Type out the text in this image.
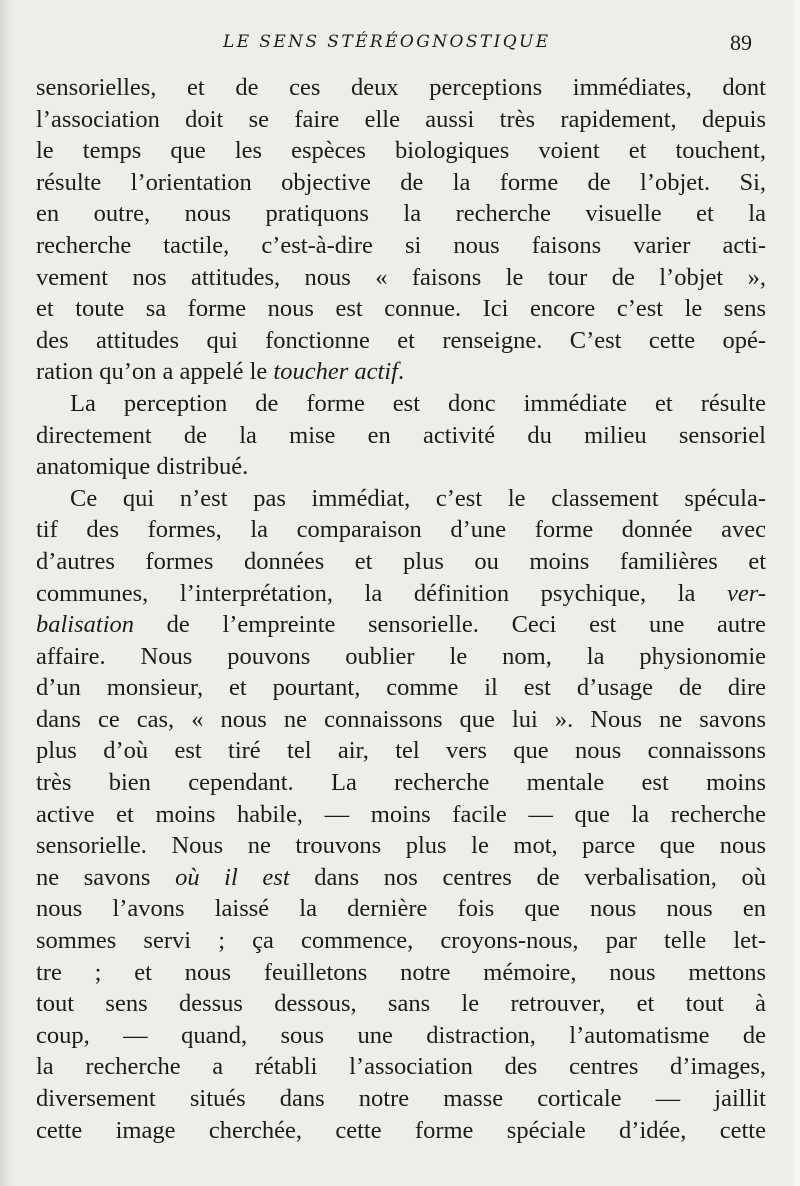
LE SENS STÉRÉOGNOSTIQUE	89
sensorielles, et de ces deux perceptions immédiates, dont
l’association doit se faire elle aussi très rapidement, depuis
le temps que les espèces biologiques voient et touchent,
résulte l’orientation objective de la forme de l’objet. Si,
en outre, nous pratiquons la recherche visuelle et la
recherche tactile, c’est-à-dire si nous faisons varier acti-
vement nos attitudes, nous « faisons le tour de l’objet »,
et toute sa forme nous est connue. Ici encore c’est le sens
des attitudes qui fonctionne et renseigne. C’est cette opé-
ration qu’on a appelé le toucher actif.
La perception de forme est donc immédiate et résulte
directement de la mise en activité du milieu sensoriel
anatomique distribué.
Ce qui n’est pas immédiat, c’est le classement spécula-
tif des formes, la comparaison d’une forme donnée avec
d’autres formes données et plus ou moins familières et
communes, l’interprétation, la définition psychique, la ver-
balisation de l’empreinte sensorielle. Ceci est une autre
affaire. Nous pouvons oublier le nom, la physionomie
d’un monsieur, et pourtant, comme il est d’usage de dire
dans ce cas, « nous ne connaissons que lui ». Nous ne savons
plus d’où est tiré tel air, tel vers que nous connaissons
très bien cependant. La recherche mentale est moins
active et moins habile, — moins facile — que la recherche
sensorielle. Nous ne trouvons plus le mot, parce que nous
ne savons où il est dans nos centres de verbalisation, où
nous l’avons laissé la dernière fois que nous nous en
sommes servi ; ça commence, croyons-nous, par telle let-
tre ; et nous feuilletons notre mémoire, nous mettons
tout sens dessus dessous, sans le retrouver, et tout à
coup, — quand, sous une distraction, l’automatisme de
la recherche a rétabli l’association des centres d’images,
diversement situés dans notre masse corticale — jaillit
cette image cherchée, cette forme spéciale d’idée, cette
